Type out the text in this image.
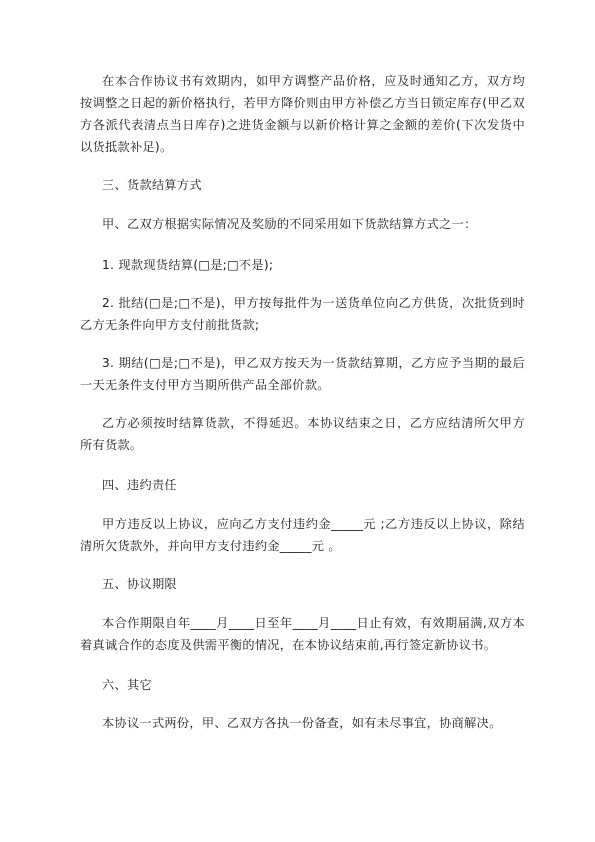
在本合作协议书有效期内，如甲方调整产品价格，应及时通知乙方，双方均按调整之日起的新价格执行，若甲方降价则由甲方补偿乙方当日锁定库存(甲乙双方各派代表清点当日库存)之进货金额与以新价格计算之金额的差价(下次发货中以货抵款补足)。

三、货款结算方式

甲、乙双方根据实际情况及奖励的不同采用如下货款结算方式之一：

1. 现款现货结算(□是;□不是);

2. 批结(□是;□不是)，甲方按每批件为一送货单位向乙方供货，次批货到时乙方无条件向甲方支付前批货款;

3. 期结(□是;□不是)，甲乙双方按天为一货款结算期，乙方应予当期的最后一天无条件支付甲方当期所供产品全部价款。

乙方必须按时结算货款，不得延迟。本协议结束之日，乙方应结清所欠甲方所有货款。

四、违约责任

甲方违反以上协议，应向乙方支付违约金_____元 ;乙方违反以上协议，除结清所欠货款外，并向甲方支付违约金_____元 。

五、协议期限

本合作期限自年____月____日至年____月____日止有效，有效期届满,双方本着真诚合作的态度及供需平衡的情况，在本协议结束前,再行签定新协议书。

六、其它

本协议一式两份，甲、乙双方各执一份备查，如有未尽事宜，协商解决。
